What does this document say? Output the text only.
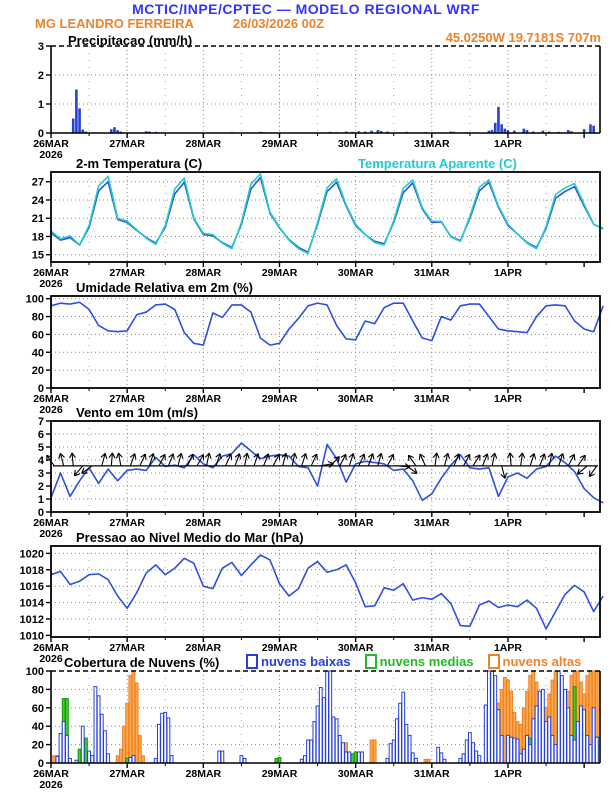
MCTIC/INPE/CPTEC — MODELO REGIONAL WRF
MG LEANDRO FERREIRA	26/03/2026 00Z
45.0250W 19.7181S 707m
Precipitacao (mm/h)
2-m Temperatura (C)	Temperatura Aparente (C)
Umidade Relativa em 2m (%)
Vento em 10m (m/s)
Pressao ao Nivel Medio do Mar (hPa)
Cobertura de Nuvens (%)	nuvens baixas nuvens medias nuvens altas
0
1
2
3
26MAR	27MAR	28MAR	29MAR	30MAR	31MAR	1APR
2026
15
18
21
24
27
26MAR	27MAR	28MAR	29MAR	30MAR	31MAR	1APR
2026
0
20
40
60
80
100
26MAR	27MAR	28MAR	29MAR	30MAR	31MAR	1APR
2026
0
1
2
3
4
5
6
7
26MAR	27MAR	28MAR	29MAR	30MAR	31MAR	1APR
2026
1010
1012
1014
1016
1018
1020
26MAR	27MAR	28MAR	29MAR	30MAR	31MAR	1APR
2026
0
20
40
60
80
100
26MAR	27MAR	28MAR	29MAR	30MAR	31MAR	1APR
2026
